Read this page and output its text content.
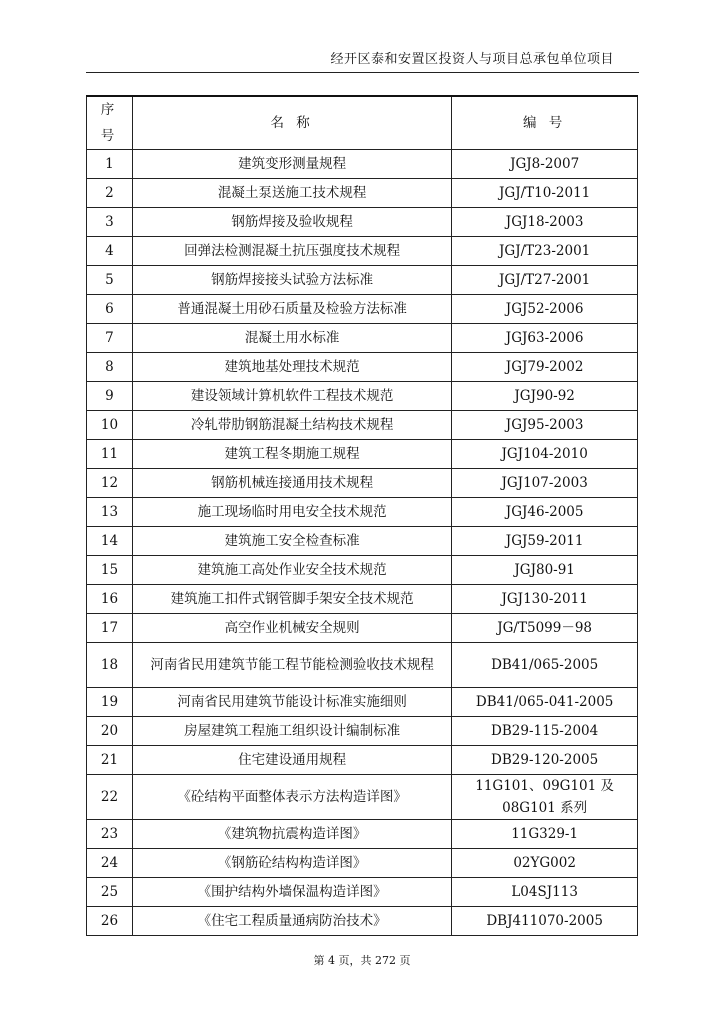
经开区泰和安置区投资人与项目总承包单位项目
序 号	名 称	编 号
1	建筑变形测量规程	JGJ8-2007
2	混凝土泵送施工技术规程	JGJ/T10-2011
3	钢筋焊接及验收规程	JGJ18-2003
4	回弹法检测混凝土抗压强度技术规程	JGJ/T23-2001
5	钢筋焊接接头试验方法标准	JGJ/T27-2001
6	普通混凝土用砂石质量及检验方法标准	JGJ52-2006
7	混凝土用水标准	JGJ63-2006
8	建筑地基处理技术规范	JGJ79-2002
9	建设领域计算机软件工程技术规范	JGJ90-92
10	冷轧带肋钢筋混凝土结构技术规程	JGJ95-2003
11	建筑工程冬期施工规程	JGJ104-2010
12	钢筋机械连接通用技术规程	JGJ107-2003
13	施工现场临时用电安全技术规范	JGJ46-2005
14	建筑施工安全检查标准	JGJ59-2011
15	建筑施工高处作业安全技术规范	JGJ80-91
16	建筑施工扣件式钢管脚手架安全技术规范	JGJ130-2011
17	高空作业机械安全规则	JG/T5099－98
18	河南省民用建筑节能工程节能检测验收技术规程	DB41/065-2005
19	河南省民用建筑节能设计标准实施细则	DB41/065-041-2005
20	房屋建筑工程施工组织设计编制标准	DB29-115-2004
21	住宅建设通用规程	DB29-120-2005
22	《砼结构平面整体表示方法构造详图》	11G101、09G101 及 08G101 系列
23	《建筑物抗震构造详图》	11G329-1
24	《钢筋砼结构构造详图》	02YG002
25	《围护结构外墙保温构造详图》	L04SJ113
26	《住宅工程质量通病防治技术》	DBJ411070-2005
第 4 页，共 272 页
